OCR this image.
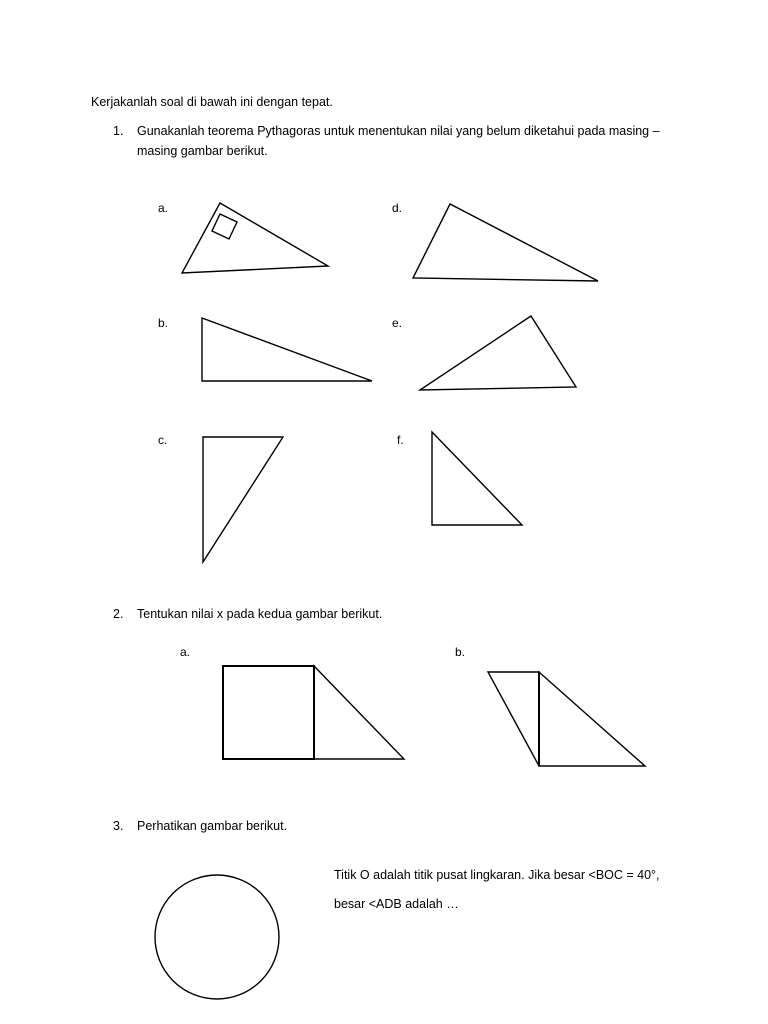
Kerjakanlah soal di bawah ini dengan tepat.
1. Gunakanlah teorema Pythagoras untuk menentukan nilai yang belum diketahui pada masing –
masing gambar berikut.
a.
b.
c.
d.
e.
f.
2. Tentukan nilai x pada kedua gambar berikut.
a.	b.
3. Perhatikan gambar berikut.
Titik O adalah titik pusat lingkaran. Jika besar <BOC = 40°,
besar <ADB adalah …
